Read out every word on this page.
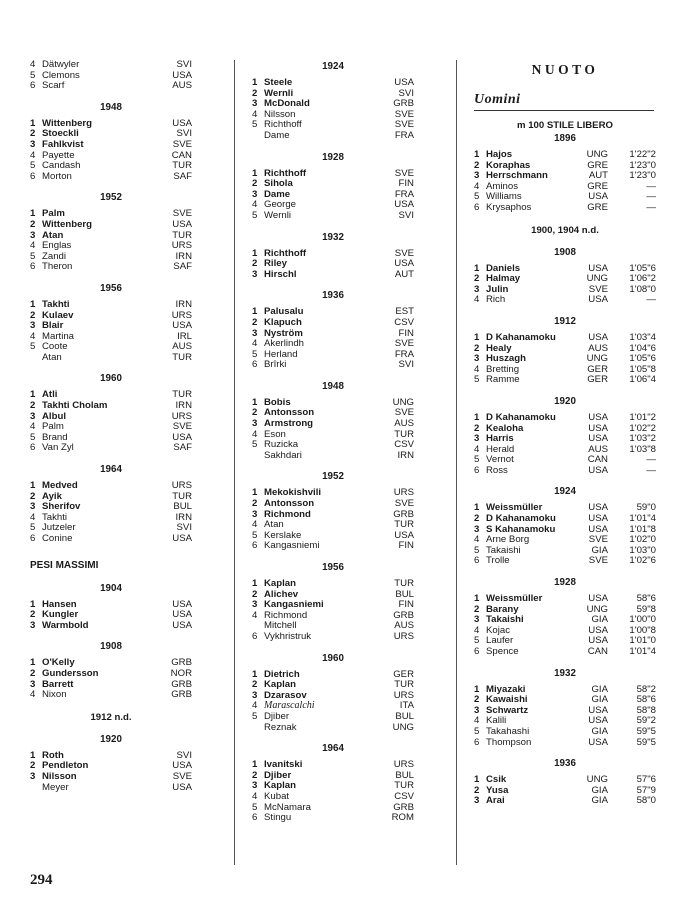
4 Dätwyler	SVI
5 Clemons	USA
6 Scarf	AUS
1948
1 Wittenberg	USA
2 Stoeckli	SVI
3 Fahlkvist	SVE
4 Payette	CAN
5 Candash	TUR
6 Morton	SAF
1952
1 Palm	SVE
2 Wittenberg	USA
3 Atan	TUR
4 Englas	URS
5 Zandi	IRN
6 Theron	SAF
1956
1 Takhti	IRN
2 Kulaev	URS
3 Blair	USA
4 Martina	IRL
5 Coote	AUS
Atan	TUR
1960
1 Atli	TUR
2 Takhti Cholam	IRN
3 Albul	URS
4 Palm	SVE
5 Brand	USA
6 Van Zyl	SAF
1964
1 Medved	URS
2 Ayik	TUR
3 Sherifov	BUL
4 Takhti	IRN
5 Jutzeler	SVI
6 Conine	USA
PESI MASSIMI
1904
1 Hansen	USA
2 Kungler	USA
3 Warmbold	USA
1908
1 O'Kelly	GRB
2 Gundersson	NOR
3 Barrett	GRB
4 Nixon	GRB
1912 n.d.
1920
1 Roth	SVI
2 Pendleton	USA
3 Nilsson	SVE
Meyer	USA
1924
1 Steele	USA
2 Wernli	SVI
3 McDonald	GRB
4 Nilsson	SVE
5 Richthoff	SVE
Dame	FRA
1928
1 Richthoff	SVE
2 Sihola	FIN
3 Dame	FRA
4 George	USA
5 Wernli	SVI
1932
1 Richthoff	SVE
2 Riley	USA
3 Hirschl	AUT
1936
1 Palusalu	EST
2 Klapuch	CSV
3 Nyström	FIN
4 Akerlindh	SVE
5 Herland	FRA
6 Brîrki	SVI
1948
1 Bobis	UNG
2 Antonsson	SVE
3 Armstrong	AUS
4 Eson	TUR
5 Ruzicka	CSV
Sakhdari	IRN
1952
1 Mekokishvili	URS
2 Antonsson	SVE
3 Richmond	GRB
4 Atan	TUR
5 Kerslake	USA
6 Kangasniemi	FIN
1956
1 Kaplan	TUR
2 Alichev	BUL
3 Kangasniemi	FIN
4 Richmond	GRB
Mitchell	AUS
6 Vykhristruk	URS
1960
1 Dietrich	GER
2 Kaplan	TUR
3 Dzarasov	URS
4 Marascalchi	ITA
5 Djiber	BUL
Reznak	UNG
1964
1 Ivanitski	URS
2 Djiber	BUL
3 Kaplan	TUR
4 Kubat	CSV
5 McNamara	GRB
6 Stingu	ROM
NUOTO
Uomini
m 100 STILE LIBERO
1896
1 Hajos	UNG 1'22"2
2 Koraphas	GRE 1'23"0
3 Herrschmann	AUT 1'23"0
4 Aminos	GRE	—
5 Williams	USA	—
6 Krysaphos	GRE	—
1900, 1904 n.d.
1908
1 Daniels	USA 1'05"6
2 Halmay	UNG 1'06"2
3 Julin	SVE 1'08"0
4 Rich	USA	—
1912
1 D Kahanamoku	USA 1'03"4
2 Healy	AUS 1'04"6
3 Huszagh	UNG 1'05"6
4 Bretting	GER 1'05"8
5 Ramme	GER 1'06"4
1920
1 D Kahanamoku	USA 1'01"2
2 Kealoha	USA 1'02"2
3 Harris	USA 1'03"2
4 Herald	AUS 1'03"8
5 Vernot	CAN	—
6 Ross	USA	—
1924
1 Weissmüller	USA	59"0
2 D Kahanamoku	USA 1'01"4
3 S Kahanamoku	USA 1'01"8
4 Arne Borg	SVE 1'02"0
5 Takaishi	GIA 1'03"0
6 Trolle	SVE 1'02"6
1928
1 Weissmüller	USA	58"6
2 Barany	UNG	59"8
3 Takaishi	GIA 1'00"0
4 Kojac	USA 1'00"8
5 Laufer	USA 1'01"0
6 Spence	CAN 1'01"4
1932
1 Miyazaki	GIA	58"2
2 Kawaishi	GIA	58"6
3 Schwartz	USA	58"8
4 Kalili	USA	59"2
5 Takahashi	GIA	59"5
6 Thompson	USA	59"5
1936
1 Csik	UNG	57"6
2 Yusa	GIA	57"9
3 Arai	GIA	58"0
294
